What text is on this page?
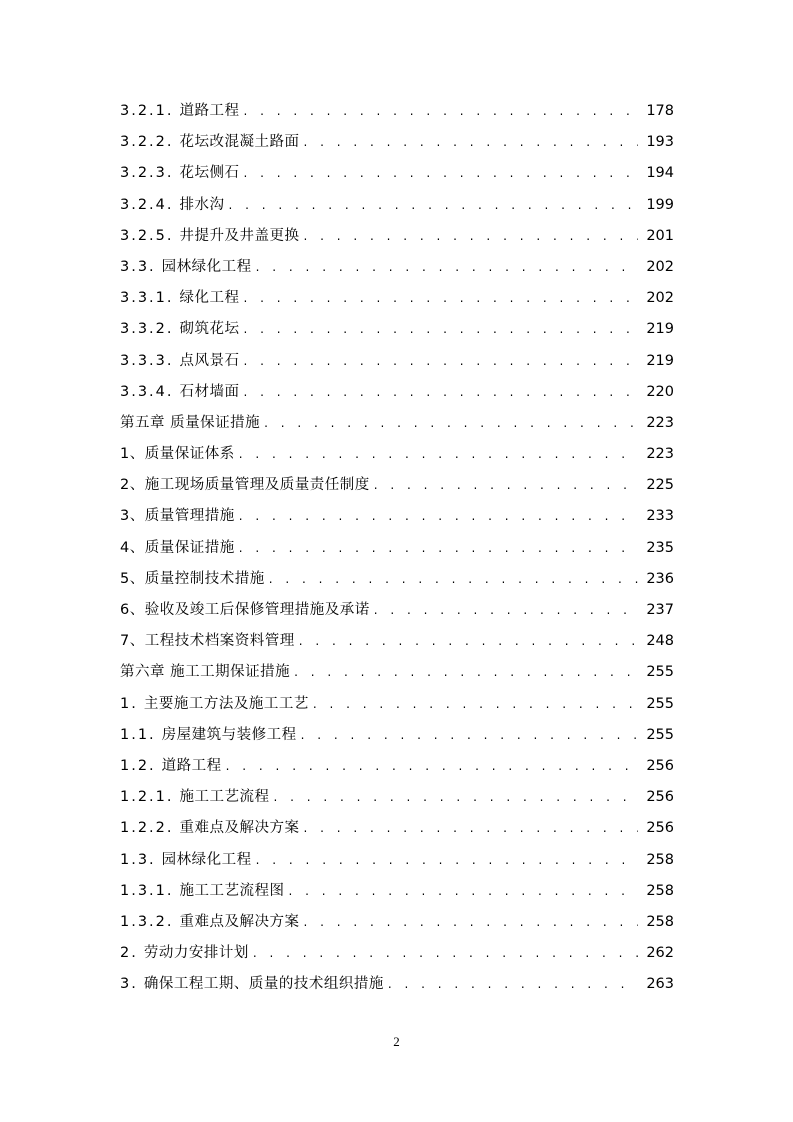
3.2.1. 道路工程 . . .	178
3.2.2. 花坛改混凝土路面 . . .	193
3.2.3. 花坛侧石 . . .	194
3.2.4. 排水沟 . . .	199
3.2.5. 井提升及井盖更换 . . .	201
3.3. 园林绿化工程 . . .	202
3.3.1. 绿化工程 . . .	202
3.3.2. 砌筑花坛 . . .	219
3.3.3. 点风景石 . . .	219
3.3.4. 石材墙面 . . .	220
第五章 质量保证措施 . . .	223
1、质量保证体系 . . .	223
2、施工现场质量管理及质量责任制度 . . .	225
3、质量管理措施 . . .	233
4、质量保证措施 . . .	235
5、质量控制技术措施 . . .	236
6、验收及竣工后保修管理措施及承诺 . . .	237
7、工程技术档案资料管理 . . .	248
第六章 施工工期保证措施 . . .	255
1. 主要施工方法及施工工艺 . . .	255
1.1. 房屋建筑与装修工程 . . .	255
1.2. 道路工程 . . .	256
1.2.1. 施工工艺流程 . . .	256
1.2.2. 重难点及解决方案 . . .	256
1.3. 园林绿化工程 . . .	258
1.3.1. 施工工艺流程图 . . .	258
1.3.2. 重难点及解决方案 . . .	258
2. 劳动力安排计划 . . .	262
3. 确保工程工期、质量的技术组织措施 . . .	263
2
